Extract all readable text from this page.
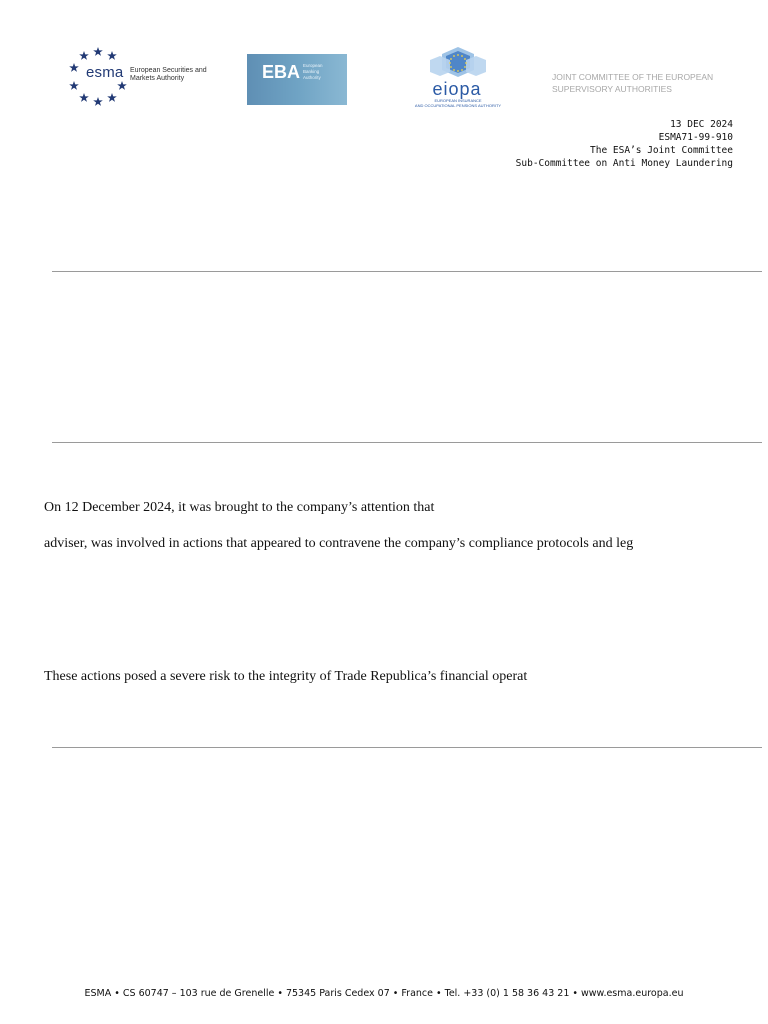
esma European Securities and
Markets Authority	EBA European
Banking
Authority
eiopa
EUROPEAN INSURANCE
AND OCCUPATIONAL PENSIONS AUTHORITY
JOINT COMMITTEE OF THE EUROPEAN
SUPERVISORY AUTHORITIES
13 DEC 2024
ESMA71-99-910
The ESA’s Joint Committee
Sub-Committee on Anti Money Laundering
On 12 December 2024, it was brought to the company’s attention that
adviser, was involved in actions that appeared to contravene the company’s compliance protocols and leg
These actions posed a severe risk to the integrity of Trade Republica’s financial operat
ESMA • CS 60747 – 103 rue de Grenelle • 75345 Paris Cedex 07 • France • Tel. +33 (0) 1 58 36 43 21 • www.esma.europa.eu
